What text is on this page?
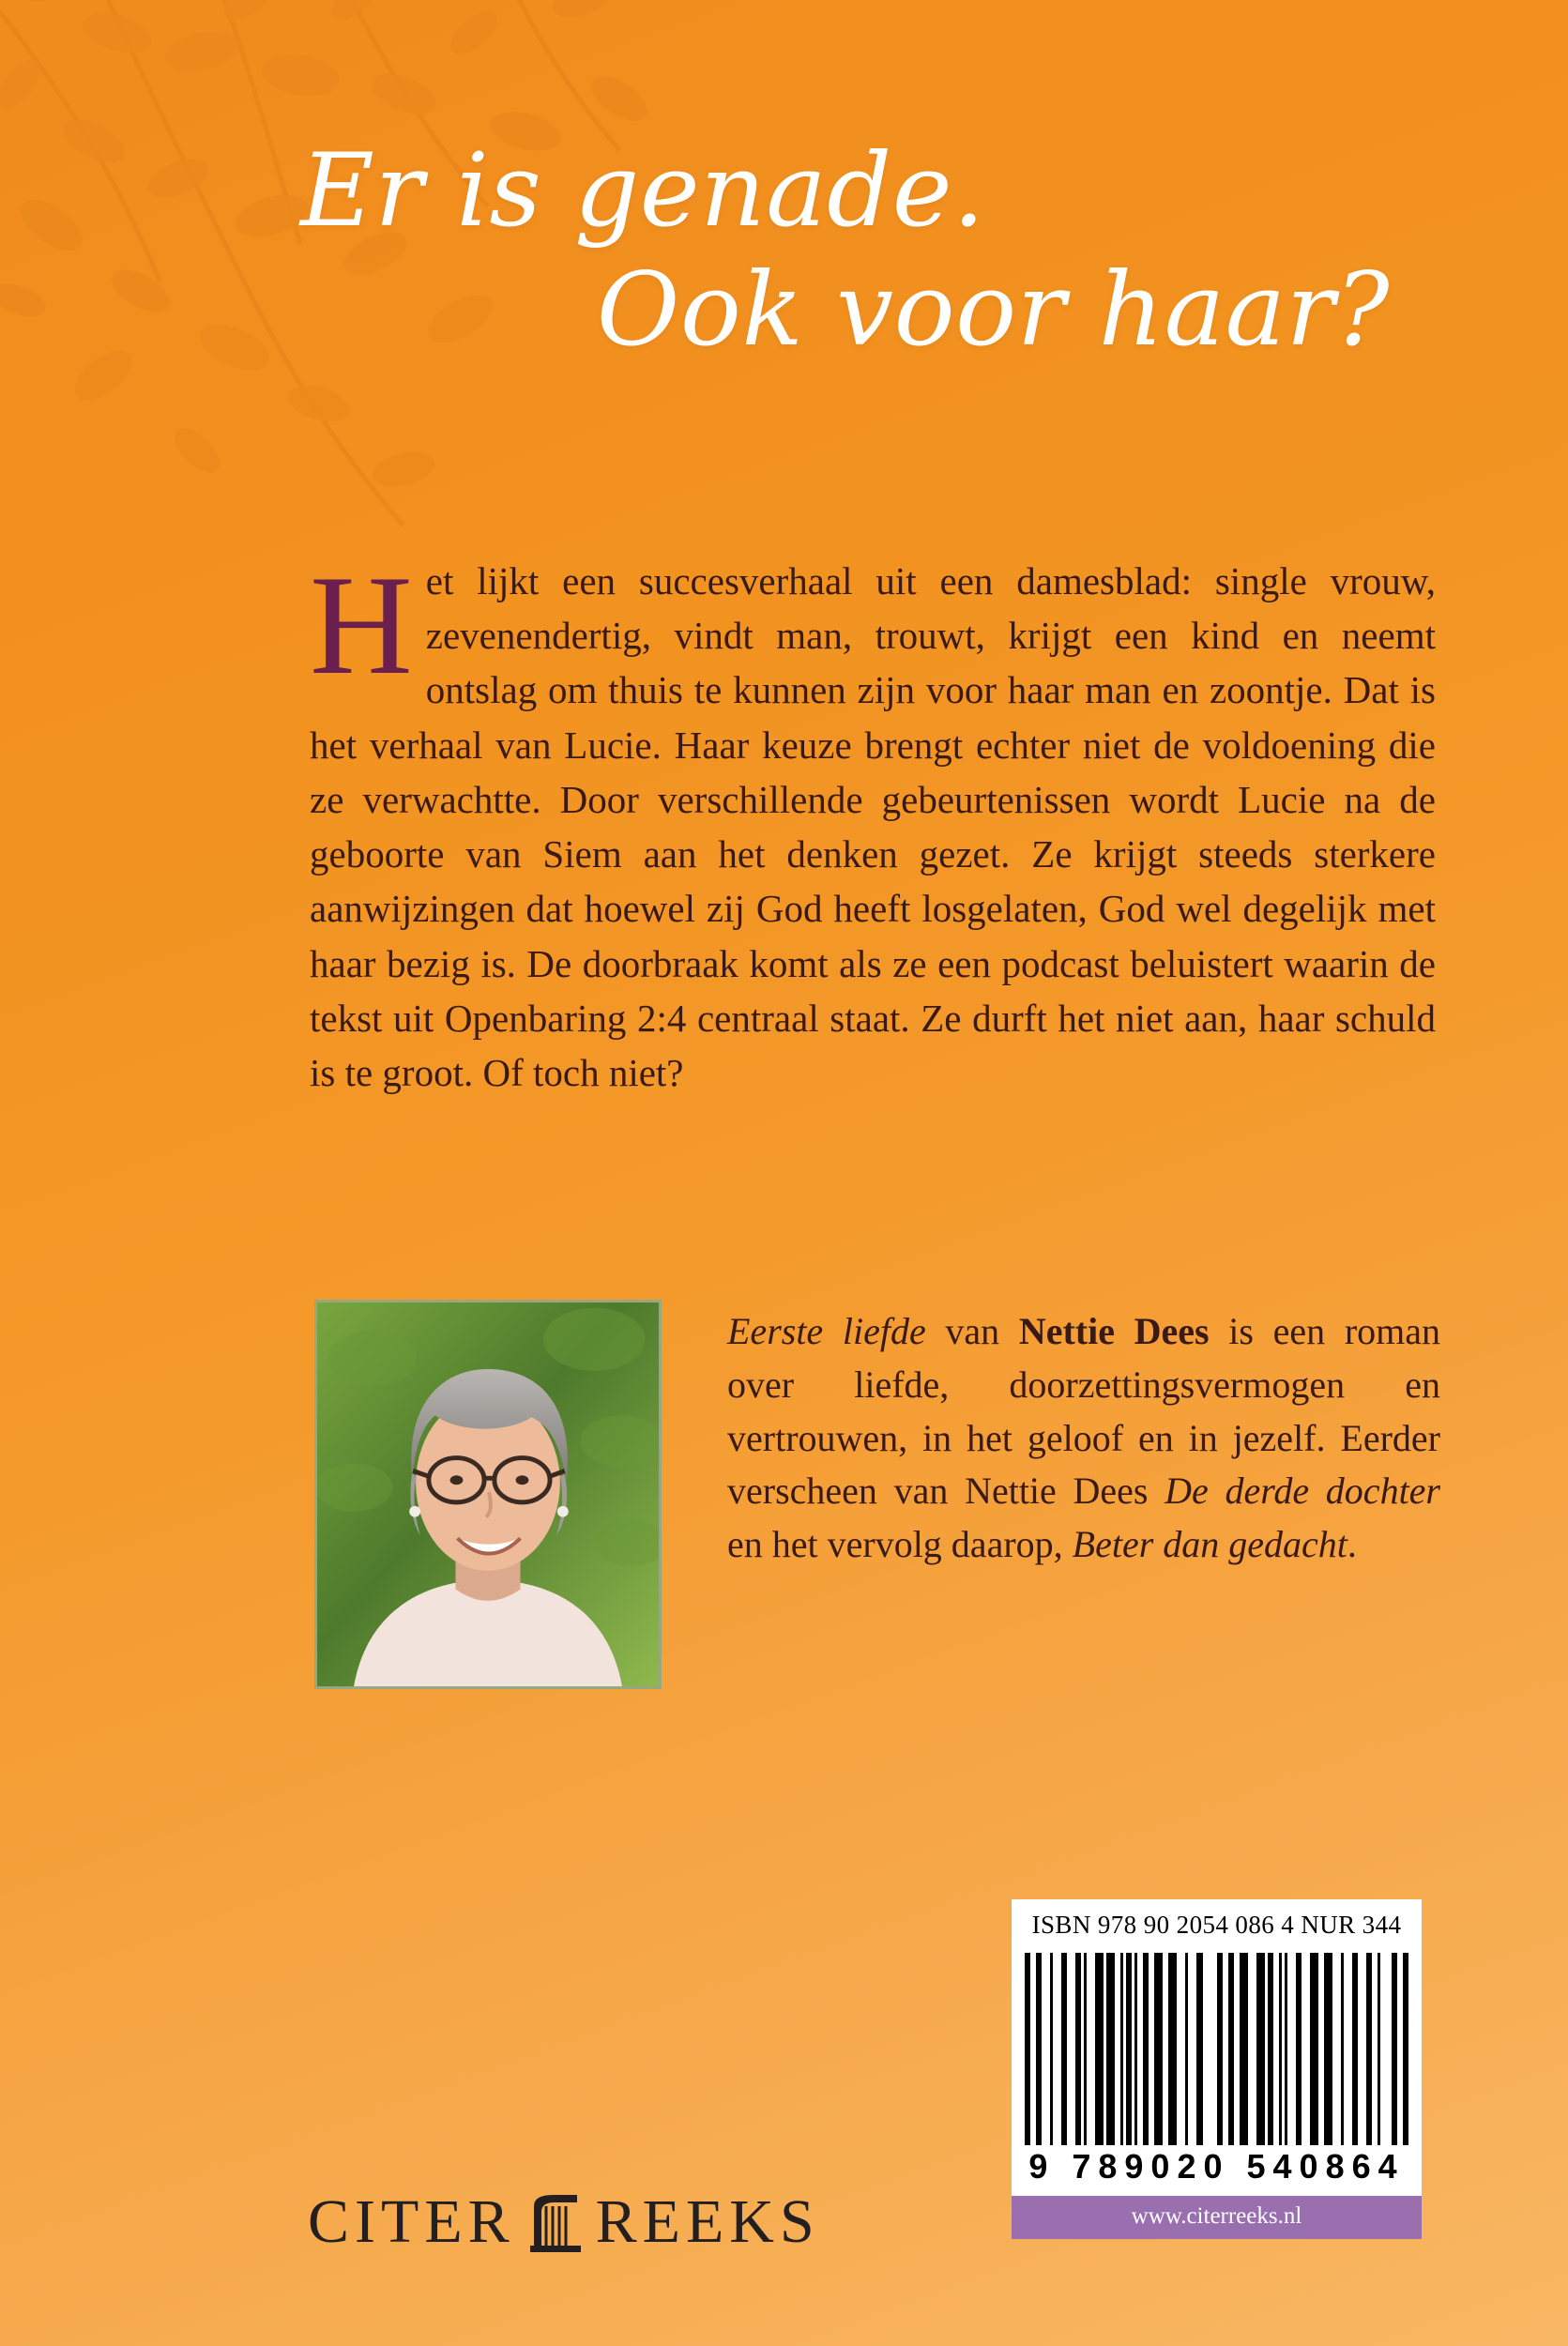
Er is genade.
Ook voor haar?
H et lijkt een succesverhaal uit een damesblad: single vrouw, zevenendertig, vindt man, trouwt, krijgt een kind en neemt ontslag om thuis te kunnen zijn voor haar man en zoontje. Dat is het verhaal van Lucie. Haar keuze brengt echter niet de voldoening die ze verwachtte. Door verschillende gebeurtenissen wordt Lucie na de geboorte van Siem aan het denken gezet. Ze krijgt steeds sterkere aanwijzingen dat hoewel zij God heeft losgelaten, God wel degelijk met haar bezig is. De doorbraak komt als ze een podcast beluistert waarin de tekst uit Openbaring 2:4 centraal staat. Ze durft het niet aan, haar schuld is te groot. Of toch niet?

Eerste liefde van Nettie Dees is een roman over liefde, doorzettingsvermogen en vertrouwen, in het geloof en in jezelf. Eerder verscheen van Nettie Dees De derde dochter en het vervolg daarop, Beter dan gedacht.
ISBN 978 90 2054 086 4 NUR 344
9 789020 540864
www.citerreeks.nl
CITER REEKS
